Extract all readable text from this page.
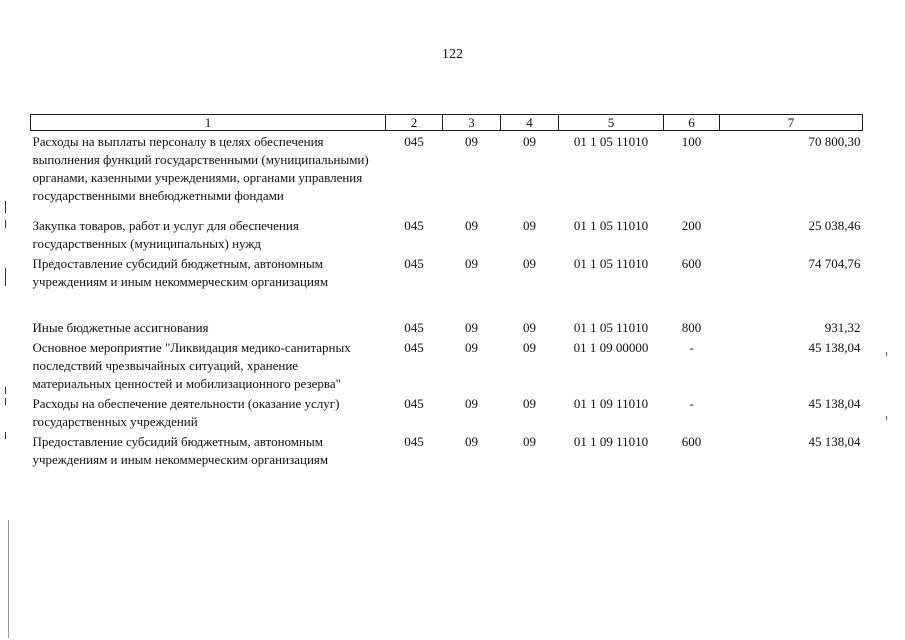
122
1	2	3	4	5	6	7
Расходы на выплаты персоналу в целях обеспечения выполнения функций государственными (муниципальными) органами, казенными учреждениями, органами управления государственными внебюджетными фондами	045	09	09	01 1 05 11010	100	70 800,30

Закупка товаров, работ и услуг для обеспечения государственных (муниципальных) нужд	045	09	09	01 1 05 11010	200	25 038,46
Предоставление субсидий бюджетным, автономным учреждениям и иным некоммерческим организациям	045	09	09	01 1 05 11010	600	74 704,76

Иные бюджетные ассигнования	045	09	09	01 1 05 11010	800	931,32
Основное мероприятие "Ликвидация медико-санитарных последствий чрезвычайных ситуаций, хранение материальных ценностей и мобилизационного резерва"	045	09	09	01 1 09 00000	-	45 138,04
Расходы на обеспечение деятельности (оказание услуг) государственных учреждений	045	09	09	01 1 09 11010	-	45 138,04
Предоставление субсидий бюджетным, автономным учреждениям и иным некоммерческим организациям	045	09	09	01 1 09 11010	600	45 138,04
